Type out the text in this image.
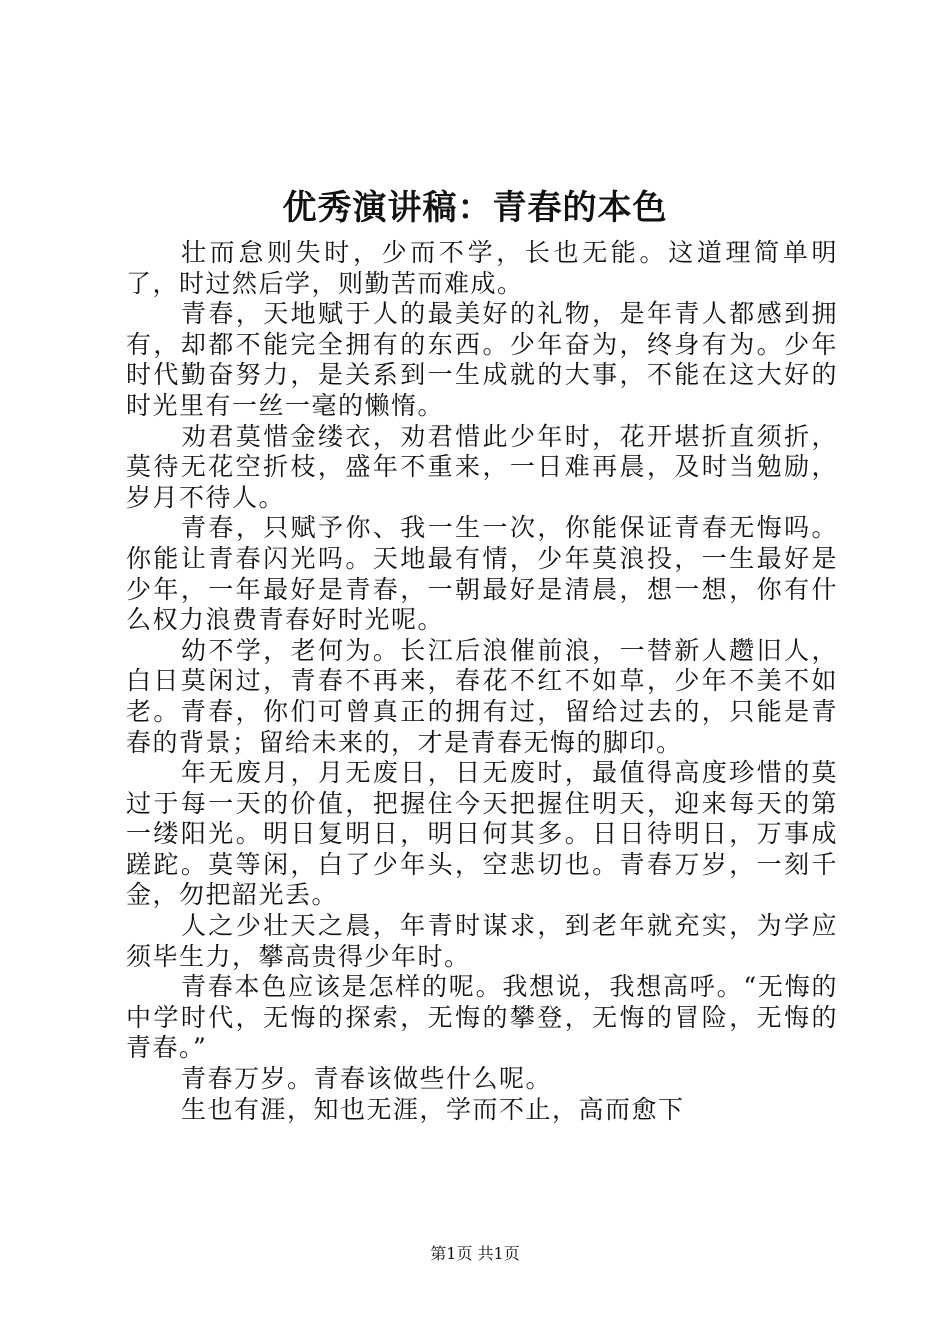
优秀演讲稿：青春的本色

壮而怠则失时，少而不学，长也无能。这道理简单明了，时过然后学，则勤苦而难成。

青春，天地赋于人的最美好的礼物，是年青人都感到拥有，却都不能完全拥有的东西。少年奋为，终身有为。少年时代勤奋努力，是关系到一生成就的大事，不能在这大好的时光里有一丝一毫的懒惰。

劝君莫惜金缕衣，劝君惜此少年时，花开堪折直须折，莫待无花空折枝，盛年不重来，一日难再晨，及时当勉励，岁月不待人。

青春，只赋予你、我一生一次，你能保证青春无悔吗。你能让青春闪光吗。天地最有情，少年莫浪投，一生最好是少年，一年最好是青春，一朝最好是清晨，想一想，你有什么权力浪费青春好时光呢。

幼不学，老何为。长江后浪催前浪，一替新人趱旧人，白日莫闲过，青春不再来，春花不红不如草，少年不美不如老。青春，你们可曾真正的拥有过，留给过去的，只能是青春的背景；留给未来的，才是青春无悔的脚印。

年无废月，月无废日，日无废时，最值得高度珍惜的莫过于每一天的价值，把握住今天把握住明天，迎来每天的第一缕阳光。明日复明日，明日何其多。日日待明日，万事成蹉跎。莫等闲，白了少年头，空悲切也。青春万岁，一刻千金，勿把韶光丢。

人之少壮天之晨，年青时谋求，到老年就充实，为学应须毕生力，攀高贵得少年时。

青春本色应该是怎样的呢。我想说，我想高呼。“无悔的中学时代，无悔的探索，无悔的攀登，无悔的冒险，无悔的青春。”

青春万岁。青春该做些什么呢。

生也有涯，知也无涯，学而不止，高而愈下

第1页 共1页
